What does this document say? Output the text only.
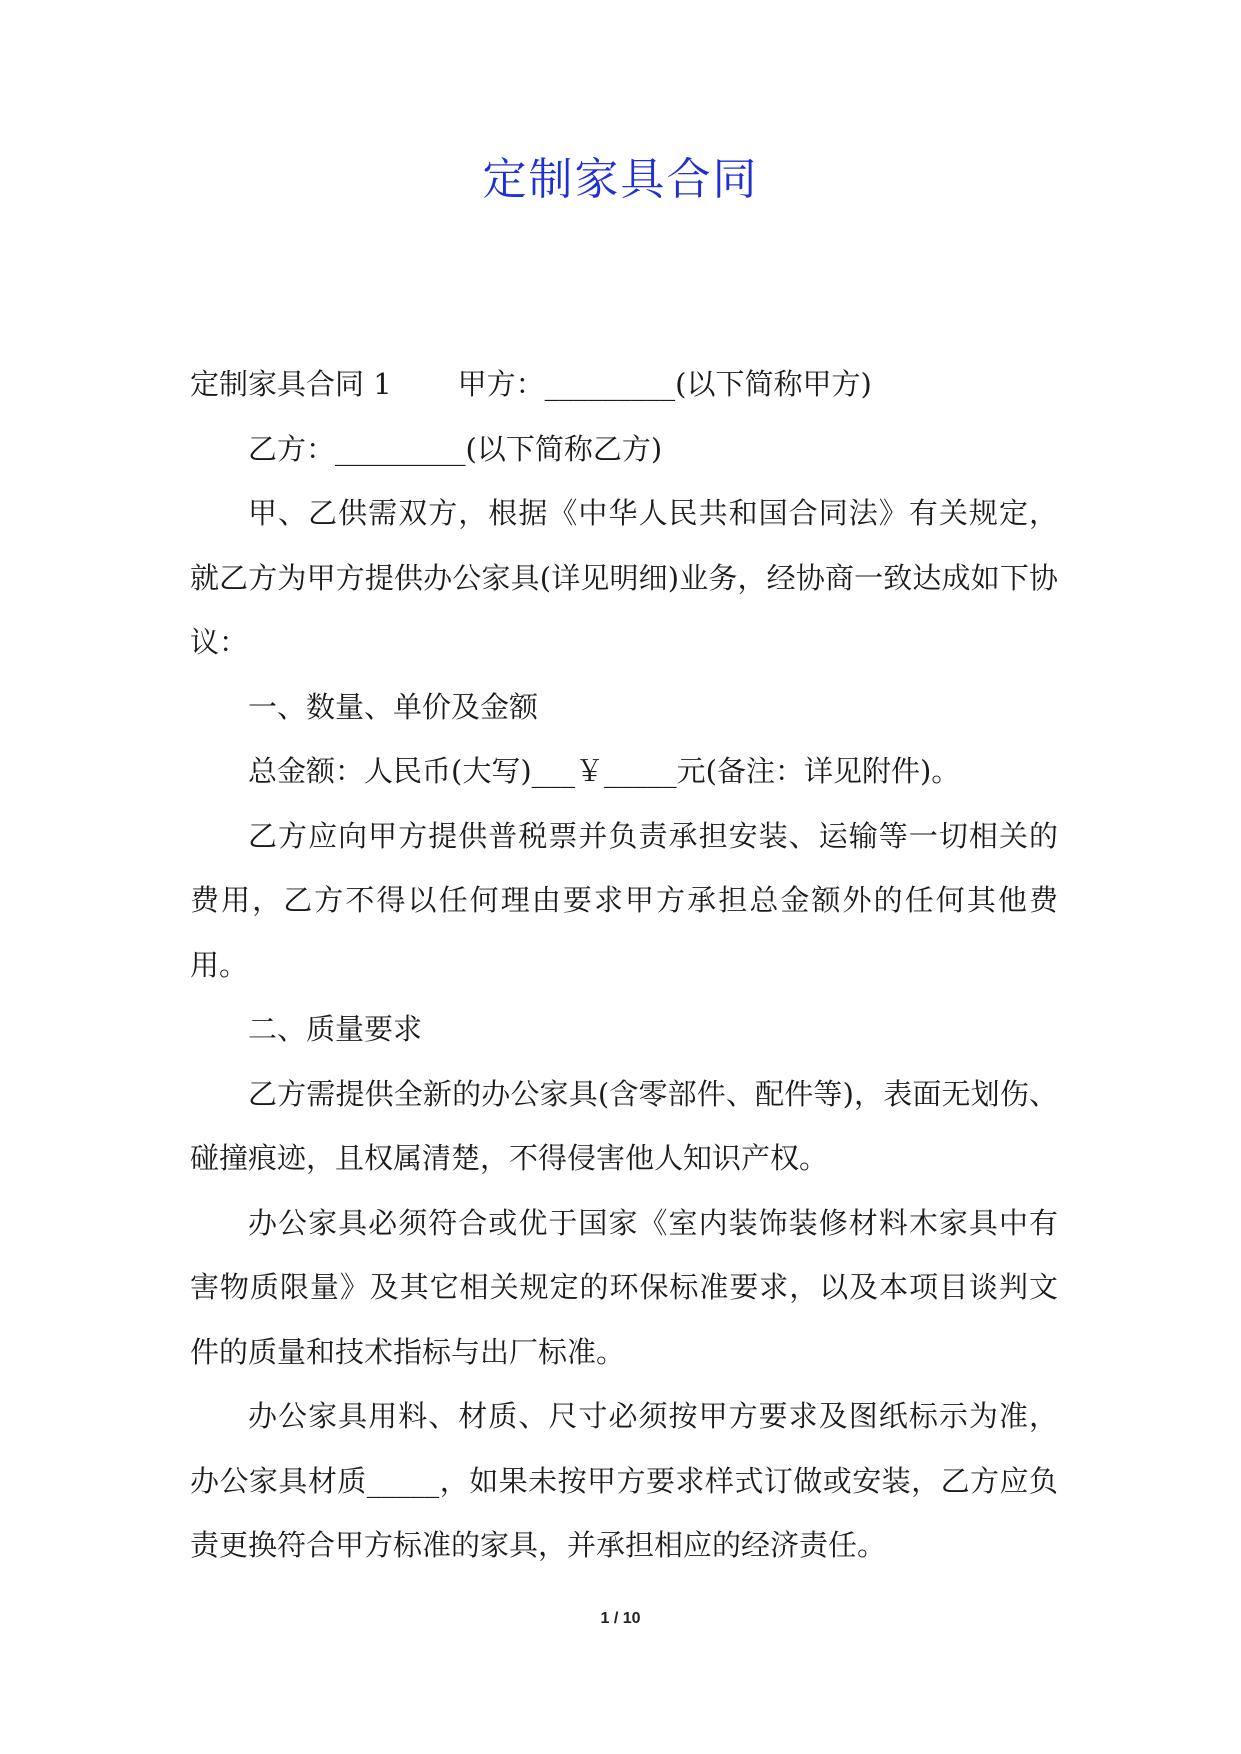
定制家具合同

定制家具合同 1 甲方：_________(以下简称甲方)

乙方：_________(以下简称乙方)

甲、乙供需双方，根据《中华人民共和国合同法》有关规定，就乙方为甲方提供办公家具(详见明细)业务，经协商一致达成如下协议：

一、数量、单价及金额

总金额：人民币(大写)___￥_____元(备注：详见附件)。

乙方应向甲方提供普税票并负责承担安装、运输等一切相关的费用，乙方不得以任何理由要求甲方承担总金额外的任何其他费用。

二、质量要求

乙方需提供全新的办公家具(含零部件、配件等)，表面无划伤、碰撞痕迹，且权属清楚，不得侵害他人知识产权。

办公家具必须符合或优于国家《室内装饰装修材料木家具中有害物质限量》及其它相关规定的环保标准要求，以及本项目谈判文件的质量和技术指标与出厂标准。

办公家具用料、材质、尺寸必须按甲方要求及图纸标示为准，办公家具材质_____，如果未按甲方要求样式订做或安装，乙方应负责更换符合甲方标准的家具，并承担相应的经济责任。

1 / 10
